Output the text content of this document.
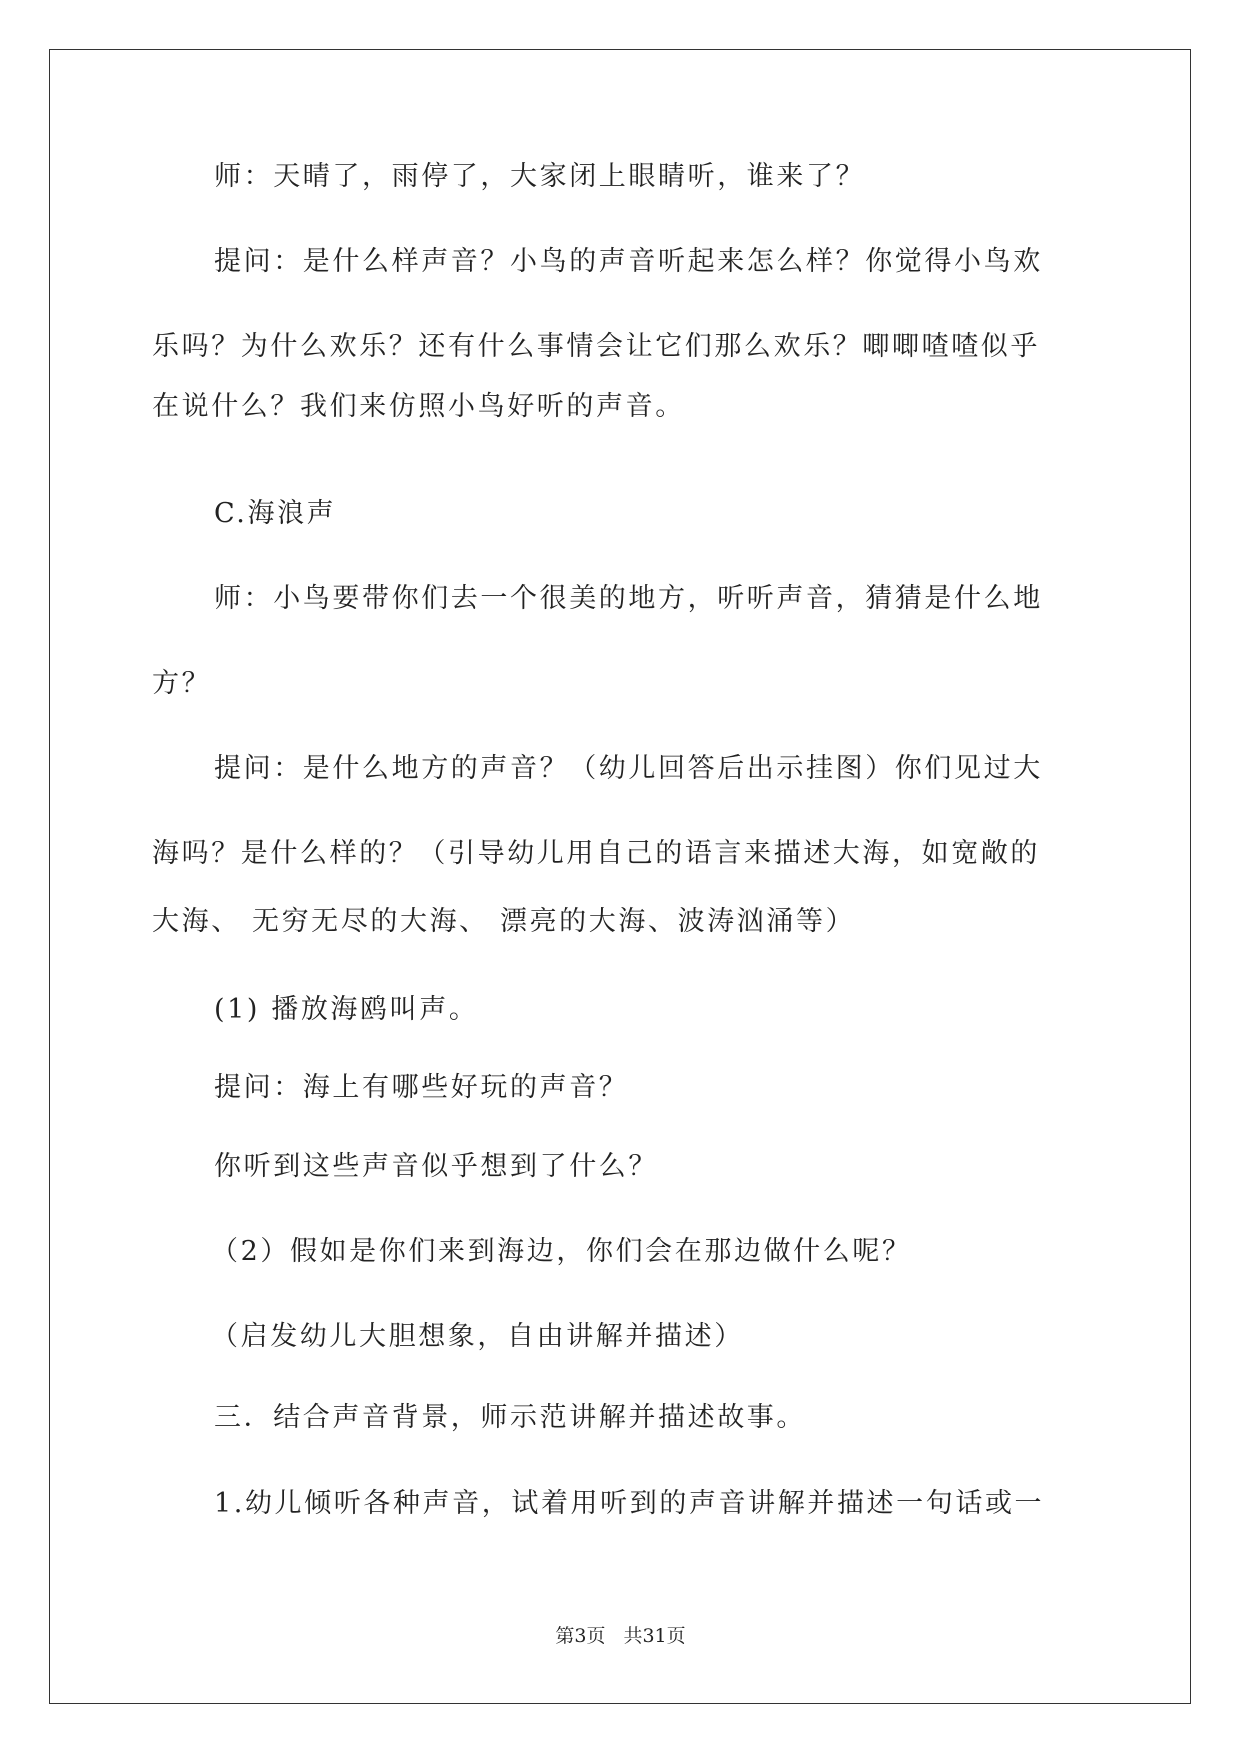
师：天晴了，雨停了，大家闭上眼睛听，谁来了？
提问：是什么样声音？小鸟的声音听起来怎么样？你觉得小鸟欢
乐吗？为什么欢乐？还有什么事情会让它们那么欢乐？唧唧喳喳似乎
在说什么？我们来仿照小鸟好听的声音。
C.海浪声
师：小鸟要带你们去一个很美的地方，听听声音，猜猜是什么地
方？
提问：是什么地方的声音？（幼儿回答后出示挂图）你们见过大
海吗？是什么样的？（引导幼儿用自己的语言来描述大海，如宽敞的
大海、 无穷无尽的大海、 漂亮的大海、波涛汹涌等）
(1) 播放海鸥叫声。
提问：海上有哪些好玩的声音？
你听到这些声音似乎想到了什么？
（2）假如是你们来到海边，你们会在那边做什么呢？
（启发幼儿大胆想象，自由讲解并描述）
三．结合声音背景，师示范讲解并描述故事。
1.幼儿倾听各种声音，试着用听到的声音讲解并描述一句话或一
第3页 共31页
